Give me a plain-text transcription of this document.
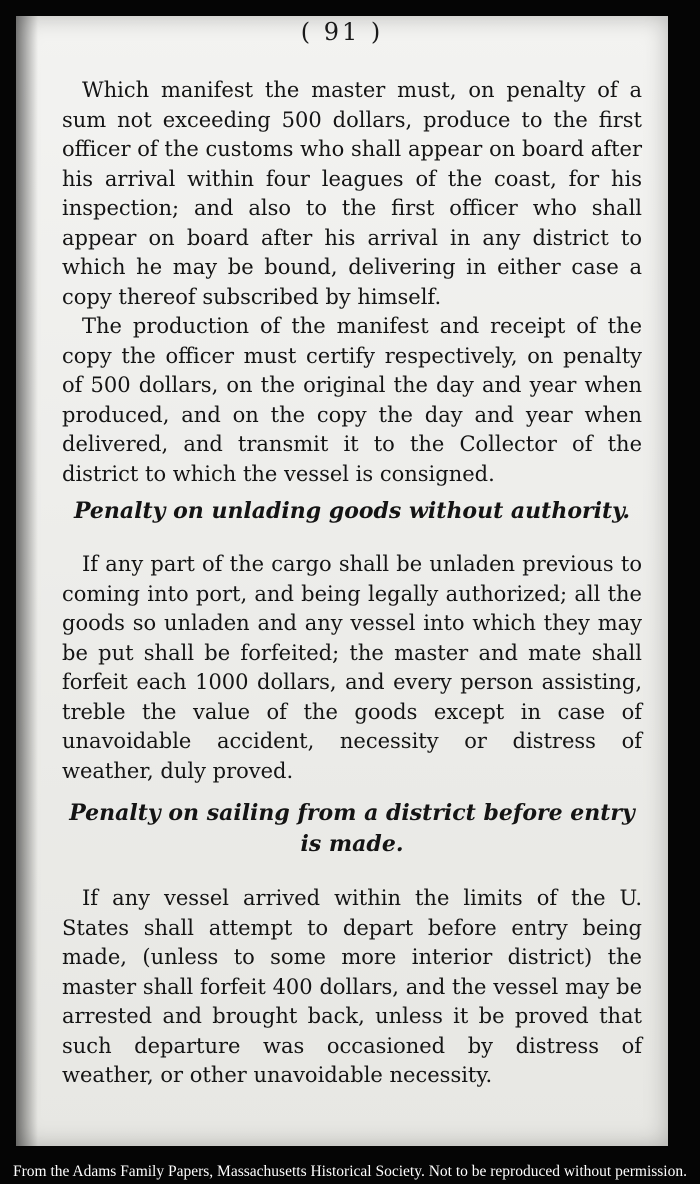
( 91 )

Which manifest the master must, on penalty of a sum not exceeding 500 dollars, produce to the first officer of the customs who shall appear on board after his arrival within four leagues of the coast, for his inspection; and also to the first officer who shall appear on board after his arrival in any district to which he may be bound, delivering in either case a copy thereof subscribed by himself.

The production of the manifest and receipt of the copy the officer must certify respectively, on penalty of 500 dollars, on the original the day and year when produced, and on the copy the day and year when delivered, and transmit it to the Collector of the district to which the vessel is consigned.

Penalty on unlading goods without authority.

If any part of the cargo shall be unladen previous to coming into port, and being legally authorized; all the goods so unladen and any vessel into which they may be put shall be forfeited; the master and mate shall forfeit each 1000 dollars, and every person assisting, treble the value of the goods except in case of unavoidable accident, necessity or distress of weather, duly proved.

Penalty on sailing from a district before entry is made.

If any vessel arrived within the limits of the U. States shall attempt to depart before entry being made, (unless to some more interior district) the master shall forfeit 400 dollars, and the vessel may be arrested and brought back, unless it be proved that such departure was occasioned by distress of weather, or other unavoidable necessity.

From the Adams Family Papers, Massachusetts Historical Society. Not to be reproduced without permission.
